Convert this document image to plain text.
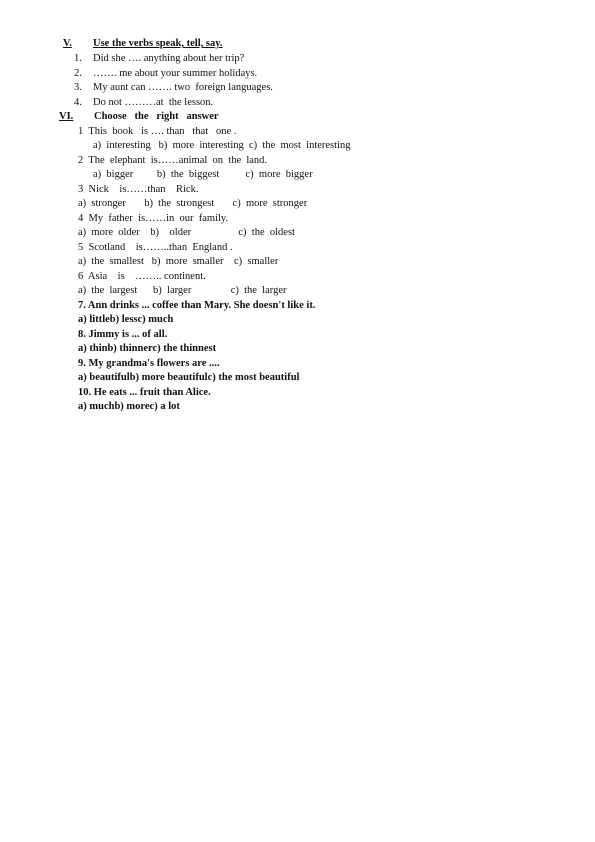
V. Use the verbs speak, tell, say.
1. Did she …. anything about her trip?
2. ……. me about your summer holidays.
3. My aunt can ……. two  foreign languages.
4. Do not ………at  the lesson.
VI. Choose   the   right   answer
1  This  book   is …. than   that   one .
a)  interesting   b)  more  interesting  c)  the  most  interesting
2  The  elephant  is……animal  on  the  land.
a)  bigger         b)  the  biggest          c)  more  bigger
3  Nick    is……than    Rick.
a)  stronger       b)  the  strongest       c)  more  stronger
4  My  father  is……in  our  family.
a)  more  older    b)    older                  c)  the  oldest
5  Scotland    is……..than  England .
a)  the  smallest   b)  more  smaller    c)  smaller
6  Asia    is    …….. continent.
a)  the  largest      b)  larger               c)  the  larger
7. Ann drinks ... coffee than Mary. She doesn't like it.
a) littleb) lessc) much
8. Jimmy is ... of all.
a) thinb) thinnerc) the thinnest
9. My grandma's flowers are ....
a) beautifulb) more beautifulc) the most beautiful
10. He eats ... fruit than Alice.
a) muchb) morec) a lot
